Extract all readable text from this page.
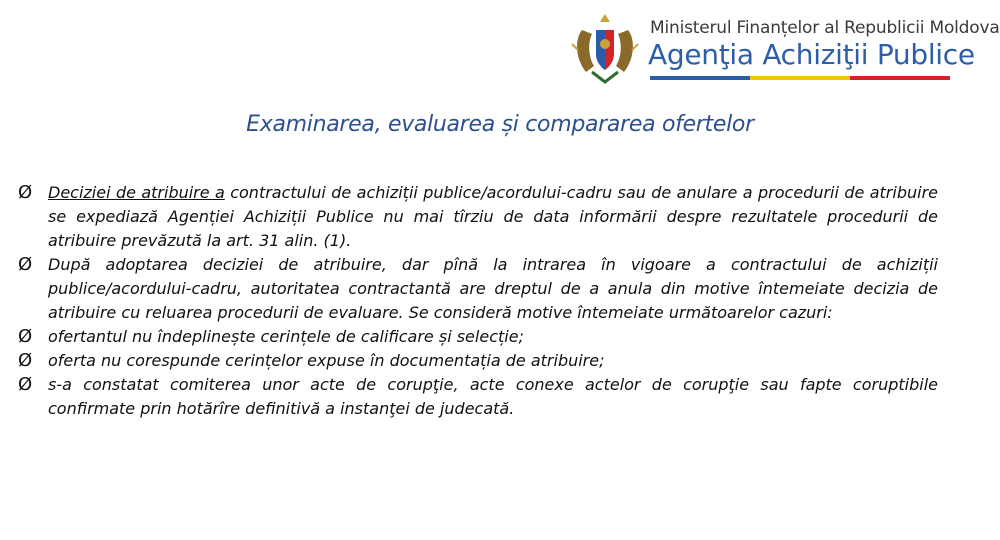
Ministerul Finanțelor al Republicii Moldova
Agenţia Achiziţii Publice
Examinarea, evaluarea și compararea ofertelor
Ø Deciziei de atribuire a contractului de achiziții publice/acordului-cadru sau de anulare a procedurii de atribuire se expediază Agenției Achiziții Publice nu mai tîrziu de data informării despre rezultatele procedurii de atribuire prevăzută la art. 31 alin. (1).
Ø După adoptarea deciziei de atribuire, dar pînă la intrarea în vigoare a contractului de achiziții publice/acordului-cadru, autoritatea contractantă are dreptul de a anula din motive întemeiate decizia de atribuire cu reluarea procedurii de evaluare. Se consideră motive întemeiate următoarelor cazuri:
Ø ofertantul nu îndeplinește cerințele de calificare și selecție;
Ø oferta nu corespunde cerințelor expuse în documentația de atribuire;
Ø s-a constatat comiterea unor acte de corupţie, acte conexe actelor de corupţie sau fapte coruptibile confirmate prin hotărîre definitivă a instanţei de judecată.
